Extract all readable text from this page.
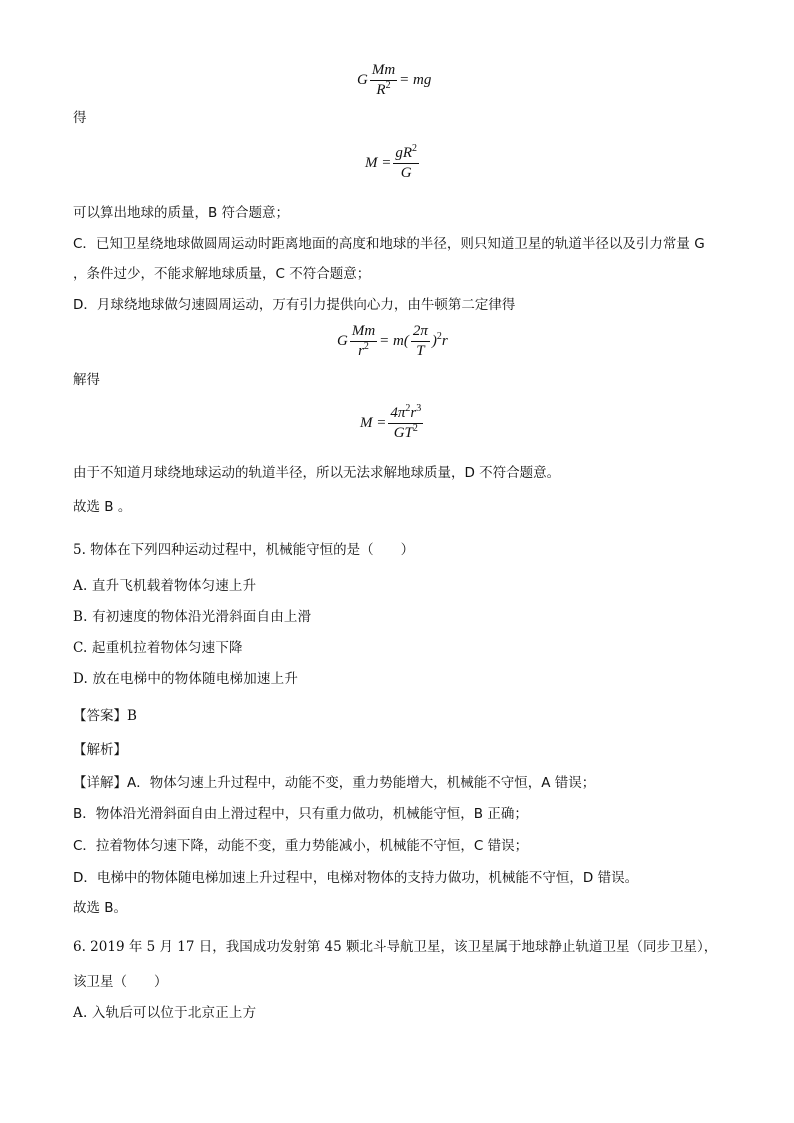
G $\frac{Mm}{R^2}$ = mg
得
$M = \frac{gR^2}{G}$
可以算出地球的质量，B 符合题意；
C．已知卫星绕地球做圆周运动时距离地面的高度和地球的半径，则只知道卫星的轨道半径以及引力常量 G
，条件过少，不能求解地球质量，C 不符合题意；
D．月球绕地球做匀速圆周运动，万有引力提供向心力，由牛顿第二定律得
G $\frac{Mm}{r^2} = m( \frac{2\pi}{T} )^2r$
解得
$M = \frac{4\pi^2r^3}{GT^2}$
由于不知道月球绕地球运动的轨道半径，所以无法求解地球质量，D 不符合题意。
故选 B 。
5. 物体在下列四种运动过程中，机械能守恒的是（　　）
A. 直升飞机载着物体匀速上升
B. 有初速度的物体沿光滑斜面自由上滑
C. 起重机拉着物体匀速下降
D. 放在电梯中的物体随电梯加速上升
【答案】B
【解析】
【详解】A．物体匀速上升过程中，动能不变，重力势能增大，机械能不守恒，A 错误；
B．物体沿光滑斜面自由上滑过程中，只有重力做功，机械能守恒，B 正确；
C．拉着物体匀速下降，动能不变，重力势能减小，机械能不守恒，C 错误；
D．电梯中的物体随电梯加速上升过程中，电梯对物体的支持力做功，机械能不守恒，D 错误。
故选 B。
6. 2019 年 5 月 17 日，我国成功发射第 45 颗北斗导航卫星，该卫星属于地球静止轨道卫星（同步卫星），
该卫星（　　）
A. 入轨后可以位于北京正上方
